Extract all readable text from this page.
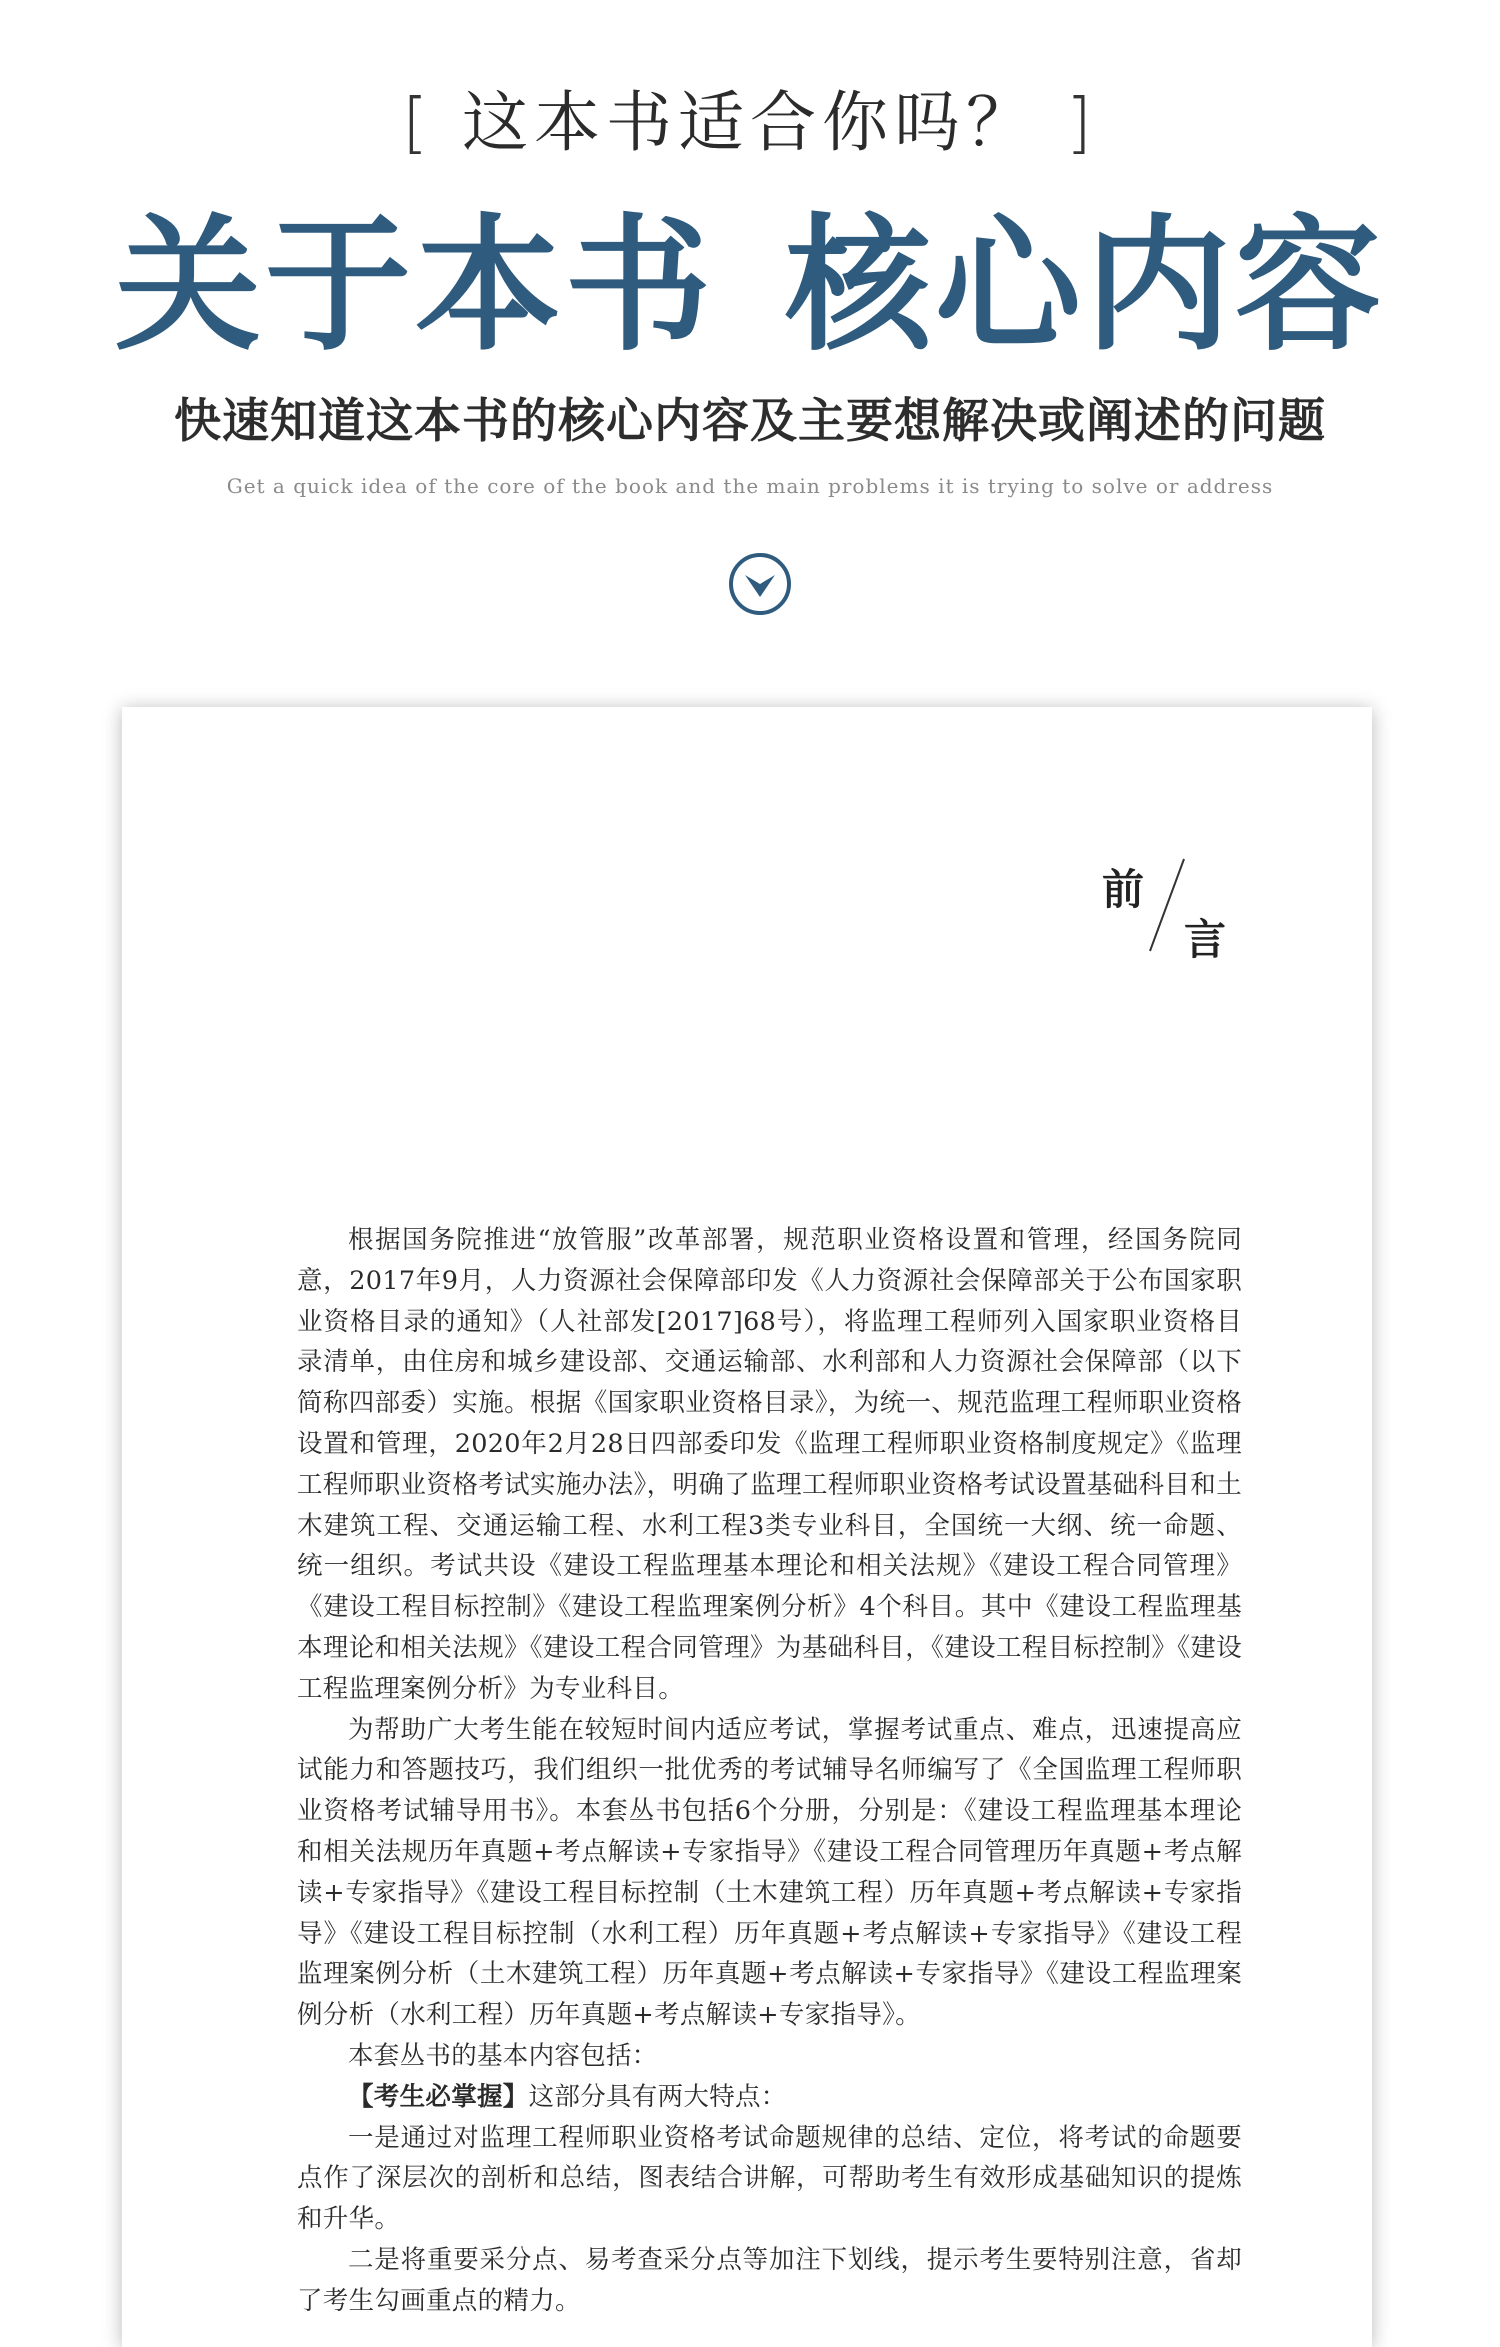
[ 这本书适合你吗？ ]
关于本书 核心内容
快速知道这本书的核心内容及主要想解决或阐述的问题
Get a quick idea of the core of the book and the main problems it is trying to solve or address
前
言

根据国务院推进“放管服”改革部署，规范职业资格设置和管理，经国务院同意，2017年9月，人力资源社会保障部印发《人力资源社会保障部关于公布国家职业资格目录的通知》（人社部发[2017]68号），将监理工程师列入国家职业资格目录清单，由住房和城乡建设部、交通运输部、水利部和人力资源社会保障部（以下简称四部委）实施。根据《国家职业资格目录》，为统一、规范监理工程师职业资格设置和管理，2020年2月28日四部委印发《监理工程师职业资格制度规定》《监理工程师职业资格考试实施办法》，明确了监理工程师职业资格考试设置基础科目和土木建筑工程、交通运输工程、水利工程3类专业科目，全国统一大纲、统一命题、统一组织。考试共设《建设工程监理基本理论和相关法规》《建设工程合同管理》《建设工程目标控制》《建设工程监理案例分析》4个科目。其中《建设工程监理基本理论和相关法规》《建设工程合同管理》为基础科目，《建设工程目标控制》《建设工程监理案例分析》为专业科目。

为帮助广大考生能在较短时间内适应考试，掌握考试重点、难点，迅速提高应试能力和答题技巧，我们组织一批优秀的考试辅导名师编写了《全国监理工程师职业资格考试辅导用书》。本套丛书包括6个分册，分别是：《建设工程监理基本理论和相关法规历年真题+考点解读+专家指导》《建设工程合同管理历年真题+考点解读+专家指导》《建设工程目标控制（土木建筑工程）历年真题+考点解读+专家指导》《建设工程目标控制（水利工程）历年真题+考点解读+专家指导》《建设工程监理案例分析（土木建筑工程）历年真题+考点解读+专家指导》《建设工程监理案例分析（水利工程）历年真题+考点解读+专家指导》。

本套丛书的基本内容包括：

【考生必掌握】这部分具有两大特点：

一是通过对监理工程师职业资格考试命题规律的总结、定位，将考试的命题要点作了深层次的剖析和总结，图表结合讲解，可帮助考生有效形成基础知识的提炼和升华。

二是将重要采分点、易考查采分点等加注下划线，提示考生要特别注意，省却了考生勾画重点的精力。
